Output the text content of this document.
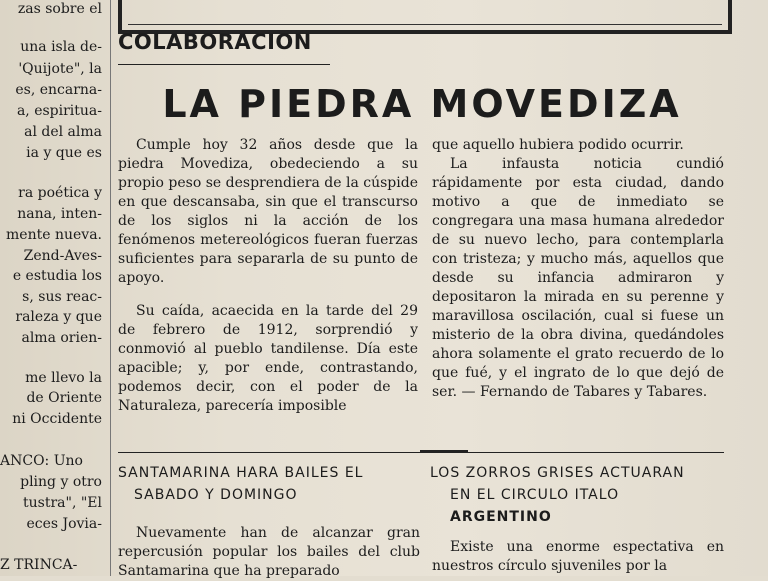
zas sobre el
una isla de-
'Quijote", la
es, encarna-
a, espiritua-
al del alma
ia y que es
ra poética y
nana, inten-
mente nueva.
Zend-Aves-
e estudia los
s, sus reac-
raleza y que
alma orien-
me llevo la
de Oriente
ni Occidente
ANCO: Uno
pling y otro
tustra", "El
eces Jovia-
Z TRINCA-
COLABORACION
LA PIEDRA MOVEDIZA

Cumple hoy 32 años desde que la piedra Movediza, obedeciendo a su propio peso se desprendiera de la cúspide en que descansaba, sin que el transcurso de los siglos ni la acción de los fenómenos metereológicos fueran fuerzas suficientes para separarla de su punto de apoyo.

Su caída, acaecida en la tarde del 29 de febrero de 1912, sorprendió y conmovió al pueblo tandilense. Día este apacible; y, por ende, contrastando, podemos decir, con el poder de la Naturaleza, parecería imposible

que aquello hubiera podido ocurrir.

La infausta noticia cundió rápidamente por esta ciudad, dando motivo a que de inmediato se congregara una masa humana alrededor de su nuevo lecho, para contemplarla con tristeza; y mucho más, aquellos que desde su infancia admiraron y depositaron la mirada en su perenne y maravillosa oscilación, cual si fuese un misterio de la obra divina, quedándoles ahora solamente el grato recuerdo de lo que fué, y el ingrato de lo que dejó de ser. — Fernando de Tabares y Tabares.

SANTAMARINA HARA BAILES EL
SABADO Y DOMINGO
LOS ZORROS GRISES ACTUARAN
EN EL CIRCULO ITALO
ARGENTINO

Nuevamente han de alcanzar gran repercusión popular los bailes del club Santamarina que ha preparado

Existe una enorme espectativa en nuestros círculo sjuveniles por la
